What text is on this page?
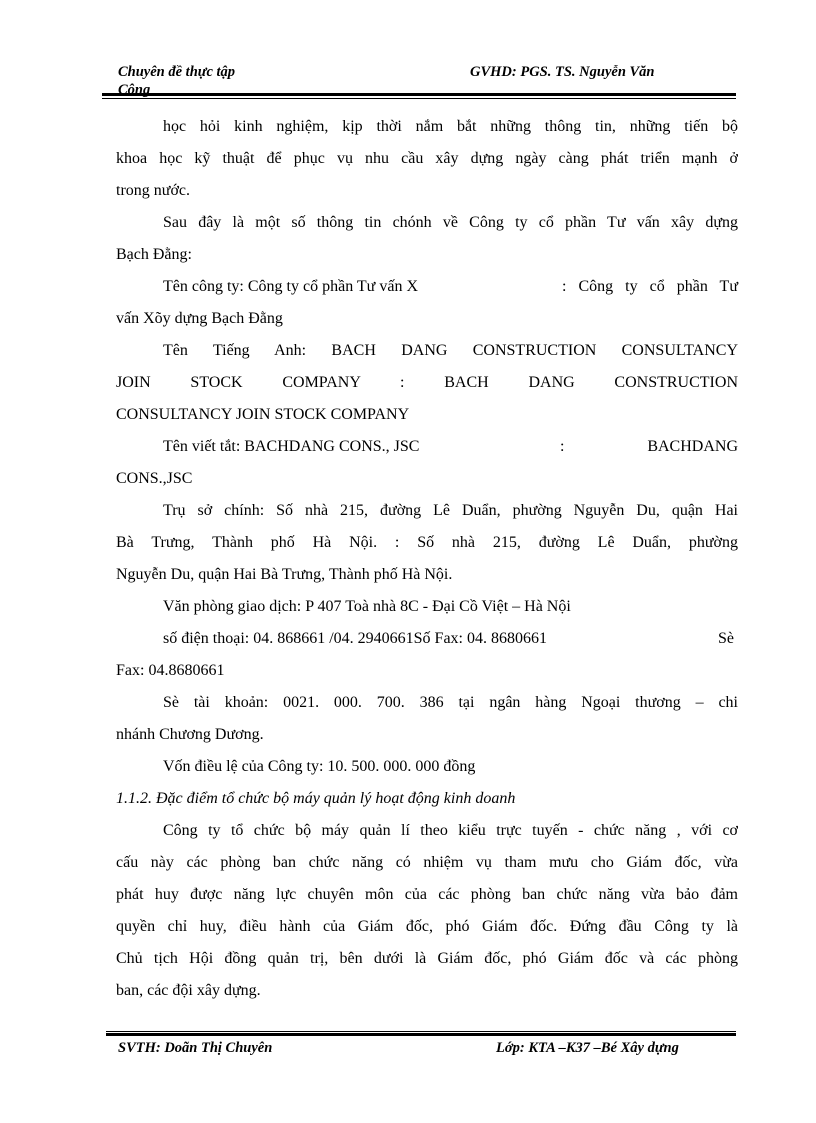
Chuyên đề thực tập
Công
GVHD: PGS. TS. Nguyễn Văn
học hỏi kinh nghiệm, kịp thời nắm bắt những thông tin, những tiến bộ
khoa học kỹ thuật để phục vụ nhu cầu xây dựng ngày càng phát triển mạnh ở
trong nước.
Sau đây là một số thông tin chónh về Công ty cổ phần Tư vấn xây dựng
Bạch Đằng:
Tên công ty: Công ty cổ phần Tư vấn X	: Công ty cổ phần Tư
vấn Xõy dựng Bạch Đằng
Tên Tiếng Anh: BACH DANG CONSTRUCTION CONSULTANCY
JOIN STOCK COMPANY : BACH DANG CONSTRUCTION
CONSULTANCY JOIN STOCK COMPANY
Tên viết tắt: BACHDANG CONS., JSC	:	BACHDANG
CONS.,JSC
Trụ sở chính: Số nhà 215, đường Lê Duẩn, phường Nguyễn Du, quận Hai
Bà Trưng, Thành phố Hà Nội. : Số nhà 215, đường Lê Duẩn, phường
Nguyễn Du, quận Hai Bà Trưng, Thành phố Hà Nội.
Văn phòng giao dịch: P 407 Toà nhà 8C - Đại Cồ Việt – Hà Nội
số điện thoại: 04. 868661 /04. 2940661Số Fax: 04. 8680661	Sè
Fax: 04.8680661
Sè tài khoản: 0021. 000. 700. 386 tại ngân hàng Ngoại thương – chi
nhánh Chương Dương.
Vốn điều lệ của Công ty: 10. 500. 000. 000 đồng
1.1.2. Đặc điểm tổ chức bộ máy quản lý hoạt động kinh doanh
Công ty tổ chức bộ máy quản lí theo kiểu trực tuyến - chức năng , với cơ
cấu này các phòng ban chức năng có nhiệm vụ tham mưu cho Giám đốc, vừa
phát huy được năng lực chuyên môn của các phòng ban chức năng vừa bảo đảm
quyền chỉ huy, điều hành của Giám đốc, phó Giám đốc. Đứng đầu Công ty là
Chủ tịch Hội đồng quản trị, bên dưới là Giám đốc, phó Giám đốc và các phòng
ban, các đội xây dựng.
SVTH: Doãn Thị Chuyên	Lớp: KTA –K37 –Bé Xây dựng
